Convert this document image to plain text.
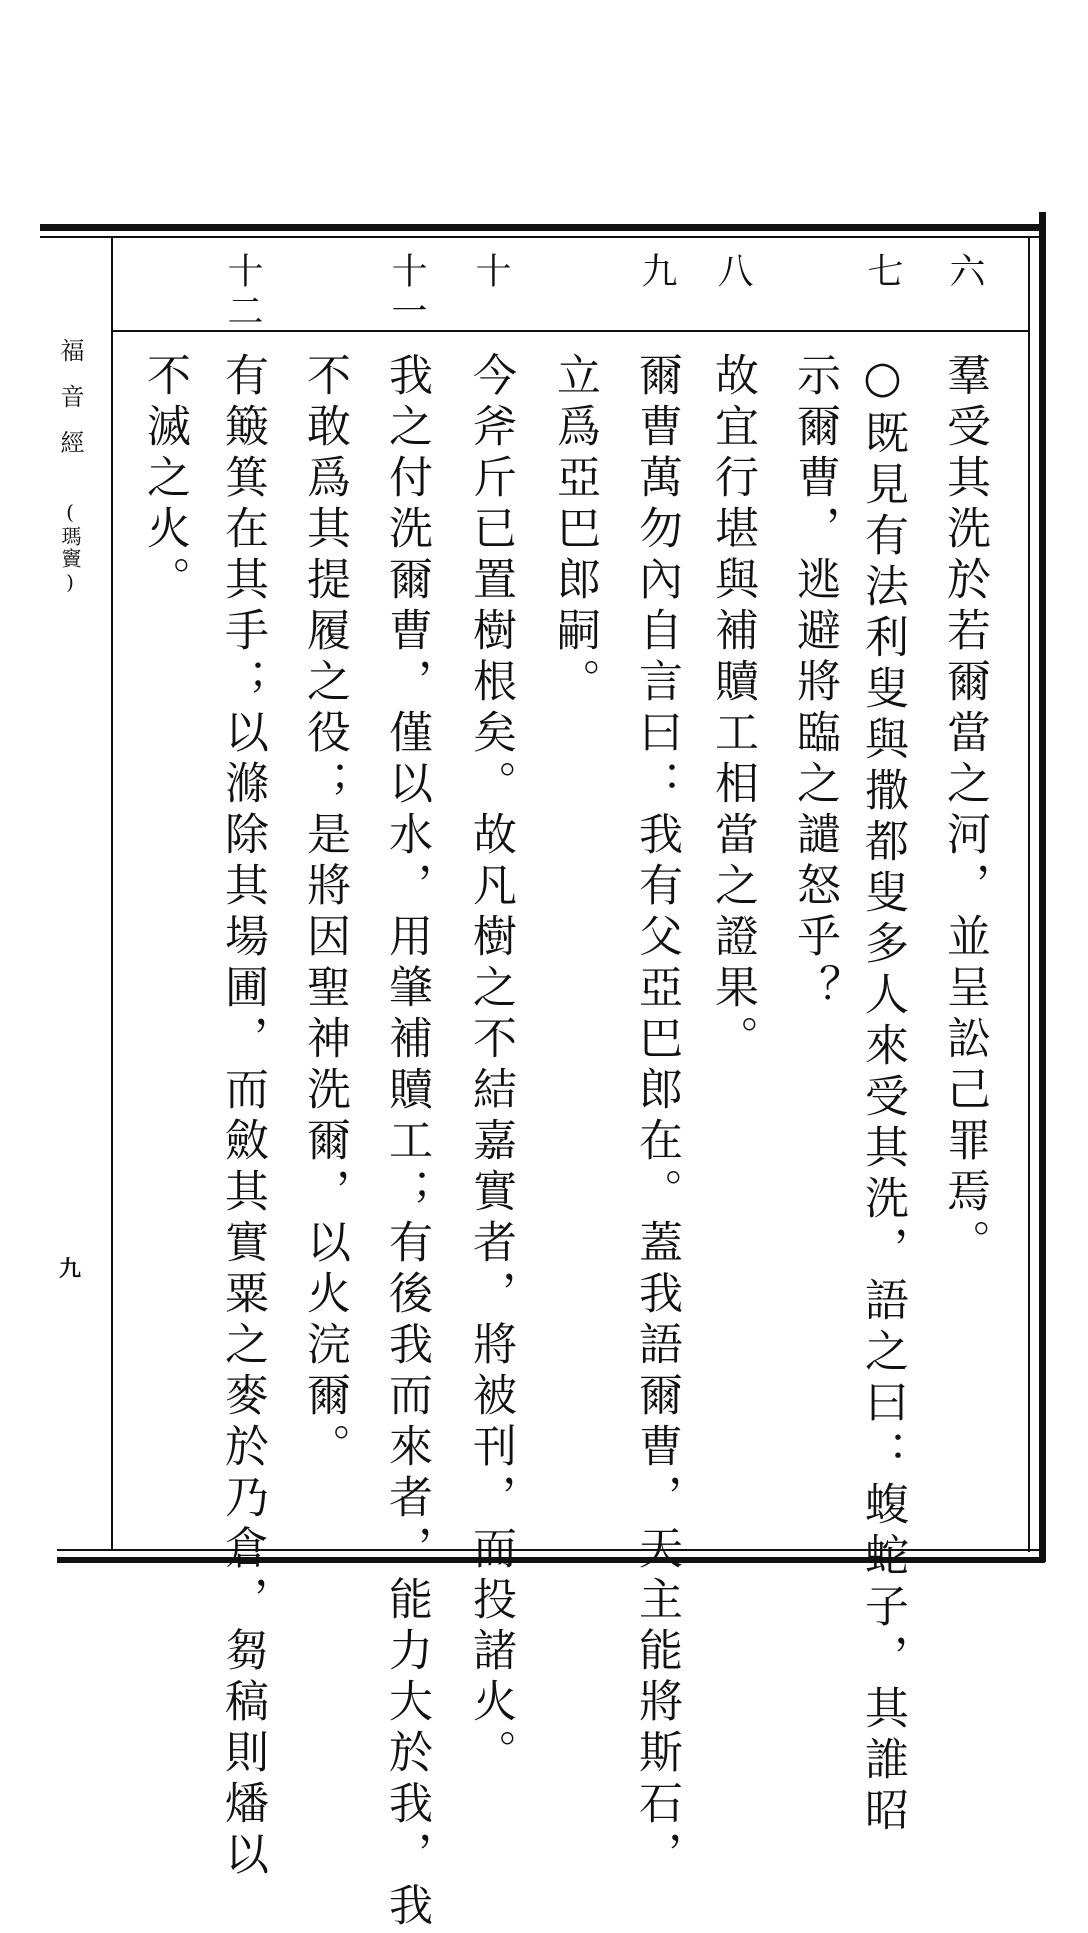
福音經
(瑪竇)
九
六
七
八
九
十
十一
十二
羣受其洗於若爾當之河，並呈訟己罪焉。
○既見有法利叟與撒都叟多人來受其洗，語之曰：蝮蛇子，其誰昭
示爾曹，逃避將臨之譴怒乎？
故宜行堪與補贖工相當之證果。
爾曹萬勿內自言曰：我有父亞巴郎在。蓋我語爾曹，天主能將斯石，
立爲亞巴郎嗣。
今斧斤已置樹根矣。故凡樹之不結嘉實者，將被刊，而投諸火。
我之付洗爾曹，僅以水，用肇補贖工；有後我而來者，能力大於我，我
不敢爲其提履之役；是將因聖神洗爾，以火浣爾。
有簸箕在其手；以滌除其場圃，而斂其實粟之麥於乃倉，芻稿則燔以
不滅之火。
